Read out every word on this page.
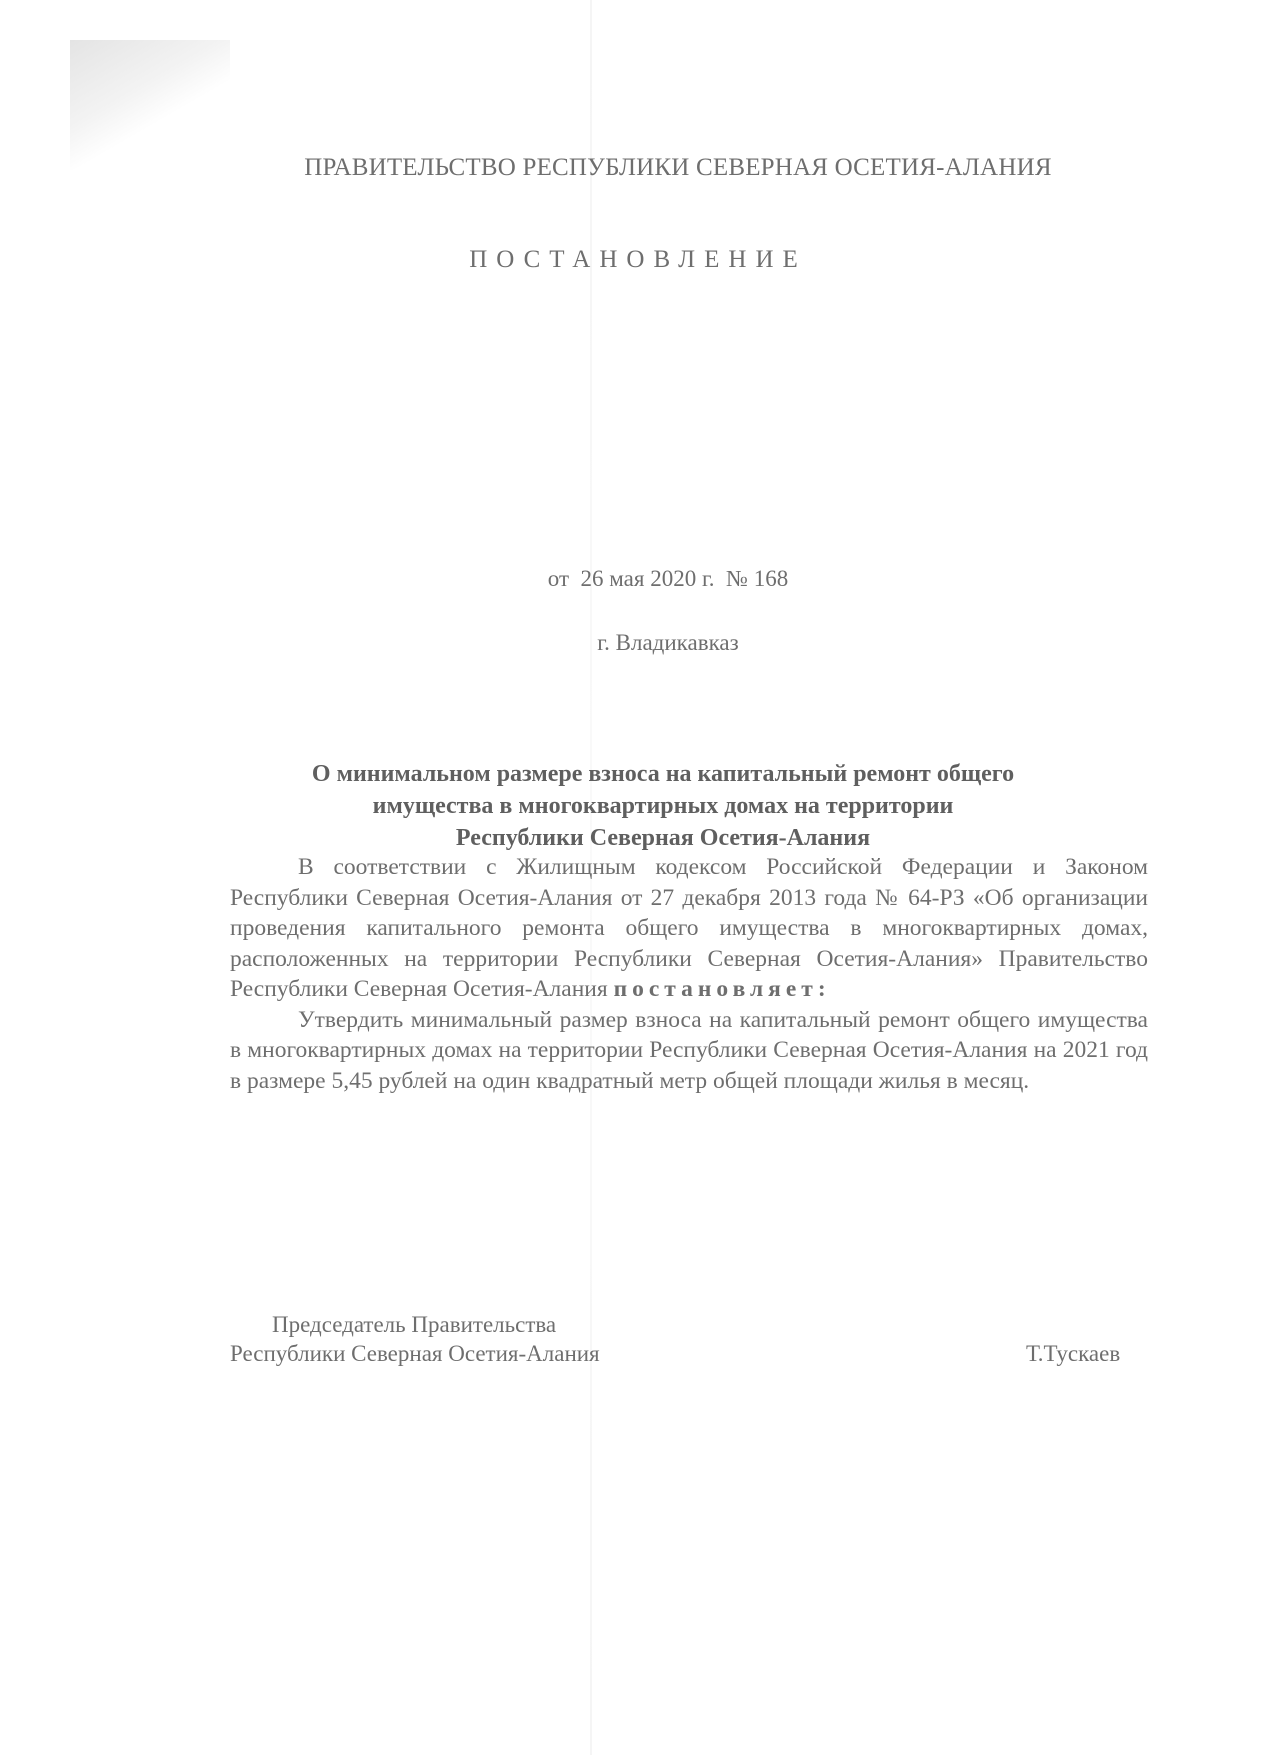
ПРАВИТЕЛЬСТВО РЕСПУБЛИКИ СЕВЕРНАЯ ОСЕТИЯ-АЛАНИЯ
ПОСТАНОВЛЕНИЕ
от  26 мая 2020 г.  № 168
г. Владикавказ
О минимальном размере взноса на капитальный ремонт общего
имущества в многоквартирных домах на территории
Республики Северная Осетия-Алания

В соответствии с Жилищным кодексом Российской Федерации и Законом Республики Северная Осетия-Алания от 27 декабря 2013 года № 64-РЗ «Об организации проведения капитального ремонта общего имущества в многоквартирных домах, расположенных на территории Республики Северная Осетия-Алания» Правительство Республики Северная Осетия-Алания постановляет:

Утвердить минимальный размер взноса на капитальный ремонт общего имущества в многоквартирных домах на территории Республики Северная Осетия-Алания на 2021 год в размере 5,45 рублей на один квадратный метр общей площади жилья в месяц.

Председатель Правительства
Республики Северная Осетия-Алания	Т.Тускаев
